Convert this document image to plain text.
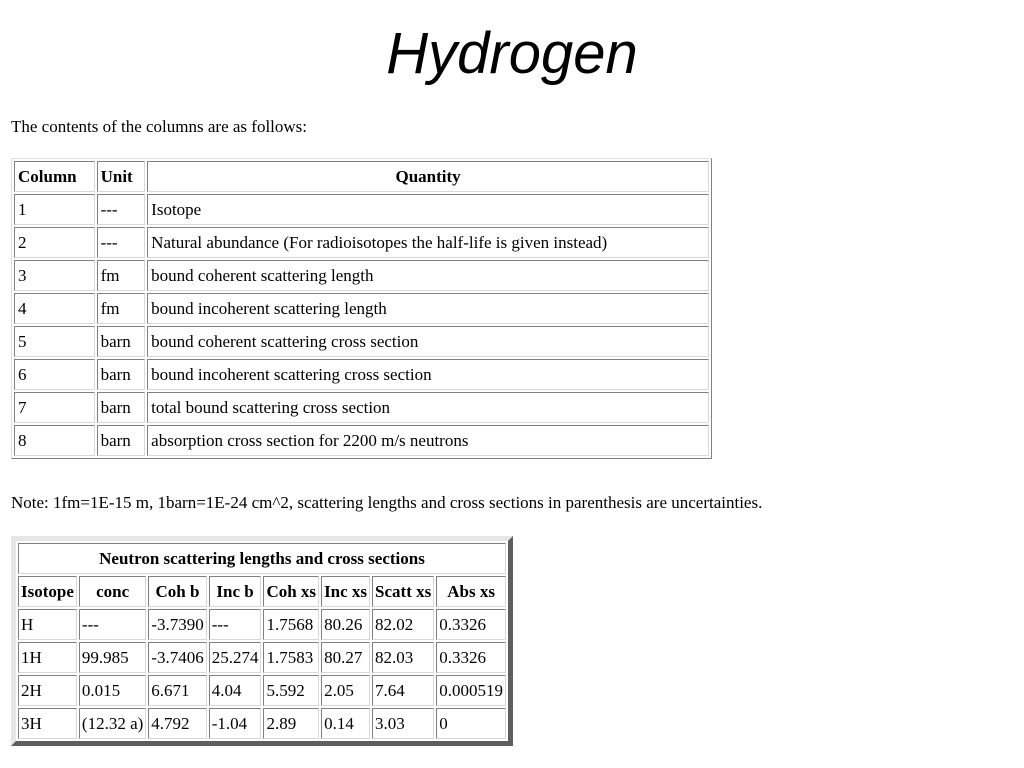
Hydrogen

The contents of the columns are as follows:

Column	Unit	Quantity
1	---	Isotope
2	---	Natural abundance (For radioisotopes the half-life is given instead)
3	fm	bound coherent scattering length
4	fm	bound incoherent scattering length
5	barn	bound coherent scattering cross section
6	barn	bound incoherent scattering cross section
7	barn	total bound scattering cross section
8	barn	absorption cross section for 2200 m/s neutrons

Note: 1fm=1E-15 m, 1barn=1E-24 cm^2, scattering lengths and cross sections in parenthesis are uncertainties.

Neutron scattering lengths and cross sections							
Isotope	conc	Coh b	Inc b	Coh xs	Inc xs	Scatt xs	Abs xs
H	---	-3.7390	---	1.7568	80.26	82.02	0.3326
1H	99.985	-3.7406	25.274	1.7583	80.27	82.03	0.3326
2H	0.015	6.671	4.04	5.592	2.05	7.64	0.000519
3H	(12.32 a)	4.792	-1.04	2.89	0.14	3.03	0
